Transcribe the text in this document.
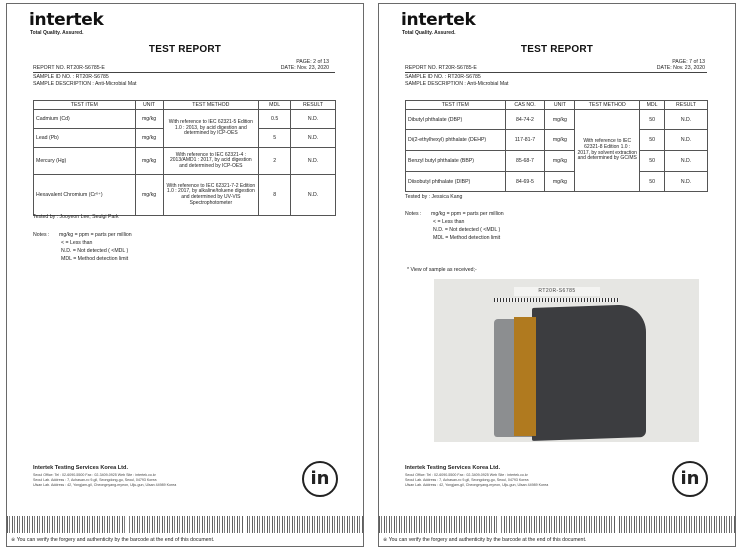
intertek
Total Quality. Assured.
TEST REPORT
PAGE: 2 of 13
REPORT NO. RT20R-S6785-E	DATE: Nov. 23, 2020
SAMPLE ID NO. : RT20R-S6785
SAMPLE DESCRIPTION : Anti-Microbial Mat
TEST ITEM	UNIT	TEST METHOD	MDL	RESULT
Cadmium (Cd)	mg/kg	With reference to IEC 62321-5 Edition 1.0 : 2013, by acid digestion and determined by ICP-OES	0.5	N.D.
Lead (Pb)	mg/kg		5	N.D.
Mercury (Hg)	mg/kg	With reference to IEC 62321-4 : 2013/AMD1 : 2017, by acid digestion and determined by ICP-OES	2	N.D.
Hexavalent Chromium (Cr⁶⁺)	mg/kg	With reference to IEC 62321-7-2 Edition 1.0 : 2017, by alkaline/toluene digestion and determined by UV-VIS Spectrophotometer	8	N.D.
Tested by : Jooyeon Lee, Seulgi Park
Notes : mg/kg = ppm = parts per million
< = Less than
N.D. = Not detected ( <MDL )
MDL = Method detection limit
Intertek Testing Services Korea Ltd.
Seoul Office: Tel : 02-6090-5500 Fax : 02-3409-0925 Web Site : intertek.co.kr
Seoul Lab. Address : 7, Achasan-ro 9-gil, Seongdong-gu, Seoul, 04793 Korea
Ulsan Lab. Address : 42, Yongjam-gil, Cheongnyang-myeon, Ulju-gun, Ulsan 44989 Korea	in
※ You can verify the forgery and authenticity by the barcode at the end of this document.
intertek
Total Quality. Assured.
TEST REPORT
PAGE: 7 of 13
REPORT NO. RT20R-S6785-E	DATE: Nov. 23, 2020
SAMPLE ID NO. : RT20R-S6785
SAMPLE DESCRIPTION : Anti-Microbial Mat
TEST ITEM	CAS NO.	UNIT	TEST METHOD	MDL	RESULT
Dibutyl phthalate (DBP)	84-74-2	mg/kg	With reference to IEC 62321-8 Edition 1.0 : 2017, by solvent extraction and determined by GC/MS	50	N.D.
Di(2-ethylhexyl) phthalate (DEHP)	117-81-7	mg/kg		50	N.D.
Benzyl butyl phthalate (BBP)	85-68-7	mg/kg		50	N.D.
Diisobutyl phthalate (DIBP)	84-69-5	mg/kg		50	N.D.
Tested by : Jessica Kang
Notes : mg/kg = ppm = parts per million
< = Less than
N.D. = Not detected ( <MDL )
MDL = Method detection limit
* View of sample as received;-
RT20R-S6785
Intertek Testing Services Korea Ltd.
Seoul Office: Tel : 02-6090-5500 Fax : 02-3409-0925 Web Site : intertek.co.kr
Seoul Lab. Address : 7, Achasan-ro 9-gil, Seongdong-gu, Seoul, 04793 Korea
Ulsan Lab. Address : 42, Yongjam-gil, Cheongnyang-myeon, Ulju-gun, Ulsan 44989 Korea	in
※ You can verify the forgery and authenticity by the barcode at the end of this document.
